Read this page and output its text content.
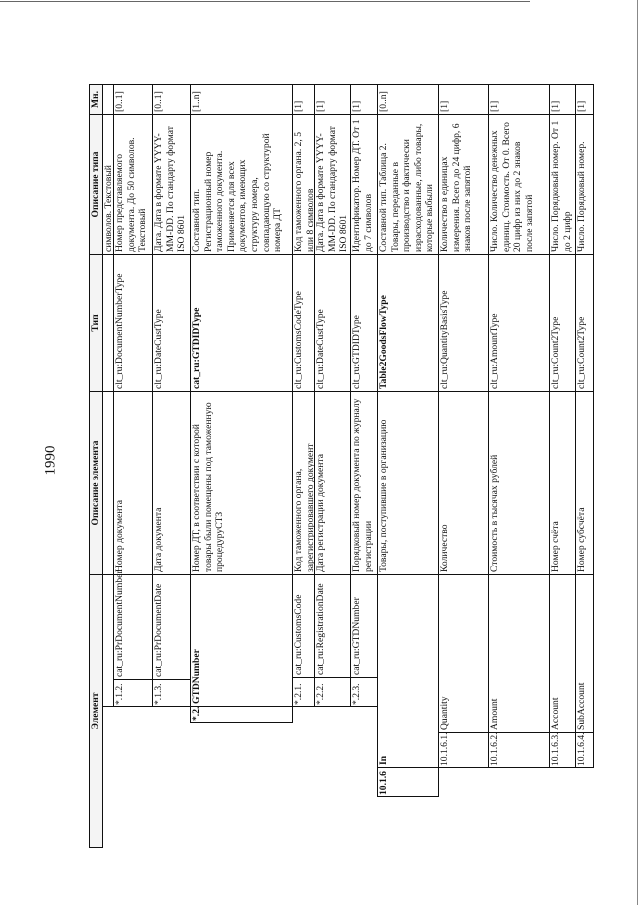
1990
Элемент
Описание элемента
Тип
Описание типа
Мн.
символов. Текстовый
*.1.2.
cat_ru:PrDocumentNumber
Номер документа
clt_ru:DocumentNumberType
Номер представляемого документа. До 50 символов. Текстовый
[0..1]
*.1.3.
cat_ru:PrDocumentDate
Дата документа
clt_ru:DateCustType
Дата. Дата в формате YYYY-MM-DD. По стандарту формат ISO 8601
[0..1]
*.2.
GTDNumber
Номер ДТ, в соответствии с которой товары были помещены под таможенную процедуруСТЗ
cat_ru:GTDIDType
Составной тип. Регистрационный номер таможенного документа. Применяется для всех документов, имеющих структуру номера, совпадающую со структурой номера ДТ
[1..n]
*.2.1.
cat_ru:CustomsCode
Код таможенного органа, зарегистрировавшего документ
clt_ru:CustomsCodeType
Код таможенного органа. 2, 5 или 8 символов
[1]
*.2.2.
cat_ru:RegistrationDate
Дата регистрации документа
clt_ru:DateCustType
Дата. Дата в формате YYYY-MM-DD. По стандарту формат ISO 8601
[1]
*.2.3.
cat_ru:GTDNumber
Порядковый номер документа по журналу регистрации
clt_ru:GTDIDType
Идентификатор. Номер ДТ. От 1 до 7 символов
[1]
10.1.6
In
Товары, поступившие в организацию
Table2GoodsFlowType
Составной тип. Таблица 2. Товары, переданные в производство и фактически израсходованные, либо товары, которые выбыли
[0..n]
10.1.6.1.
Quantity
Количество
clt_ru:QuantityBasisType
Количество в единицах измерения. Всего до 24 цифр, 6 знаков после запятой
[1]
10.1.6.2.
Amount
Стоимость в тысячах рублей
clt_ru:AmountType
Число. Количество денежных единиц. Стоимость. От 0. Всего 20 цифр из них до 2 знаков после запятой
[1]
10.1.6.3.
Account
Номер счёта
clt_ru:Count2Type
Число. Порядковый номер. От 1 до 2 цифр
[1]
10.1.6.4.
SubAccount
Номер субсчёта
clt_ru:Count2Type
Число. Порядковый номер.
[1]
